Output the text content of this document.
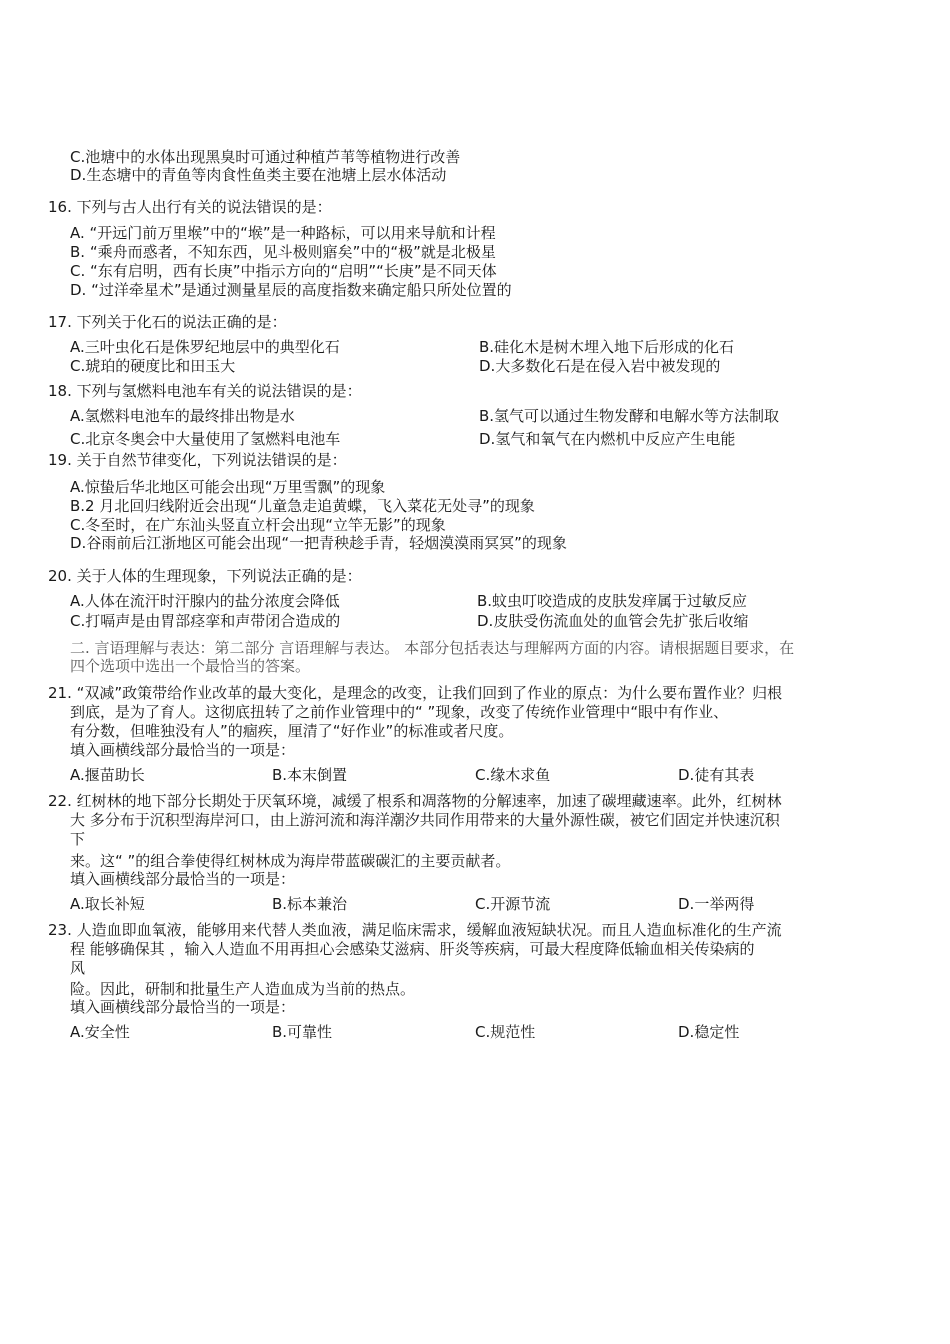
C.池塘中的水体出现黑臭时可通过种植芦苇等植物进行改善
D.生态塘中的青鱼等肉食性鱼类主要在池塘上层水体活动
16. 下列与古人出行有关的说法错误的是：
A. “开远门前万里堠”中的“堠”是一种路标，可以用来导航和计程
B. “乘舟而惑者，不知东西，见斗极则寤矣”中的“极”就是北极星
C. “东有启明，西有长庚”中指示方向的“启明”“长庚”是不同天体
D. “过洋牵星术”是通过测量星辰的高度指数来确定船只所处位置的
17. 下列关于化石的说法正确的是：
A.三叶虫化石是侏罗纪地层中的典型化石	B.硅化木是树木埋入地下后形成的化石
C.琥珀的硬度比和田玉大	D.大多数化石是在侵入岩中被发现的
18. 下列与氢燃料电池车有关的说法错误的是：
A.氢燃料电池车的最终排出物是水	B.氢气可以通过生物发酵和电解水等方法制取
C.北京冬奥会中大量使用了氢燃料电池车	D.氢气和氧气在内燃机中反应产生电能
19. 关于自然节律变化，下列说法错误的是：
A.惊蛰后华北地区可能会出现“万里雪飘”的现象
B.2 月北回归线附近会出现“儿童急走追黄蝶，飞入菜花无处寻”的现象
C.冬至时，在广东汕头竖直立杆会出现“立竿无影”的现象
D.谷雨前后江浙地区可能会出现“一把青秧趁手青，轻烟漠漠雨冥冥”的现象
20. 关于人体的生理现象，下列说法正确的是：
A.人体在流汗时汗腺内的盐分浓度会降低	B.蚊虫叮咬造成的皮肤发痒属于过敏反应
C.打嗝声是由胃部痉挛和声带闭合造成的	D.皮肤受伤流血处的血管会先扩张后收缩
二. 言语理解与表达：第二部分 言语理解与表达。 本部分包括表达与理解两方面的内容。请根据题目要求，在
四个选项中选出一个最恰当的答案。
21. “双减”政策带给作业改革的最大变化，是理念的改变，让我们回到了作业的原点：为什么要布置作业？归根
到底，是为了育人。这彻底扭转了之前作业管理中的“ ”现象，改变了传统作业管理中“眼中有作业、
有分数，但唯独没有人”的痼疾，厘清了“好作业”的标准或者尺度。
填入画横线部分最恰当的一项是：
A.揠苗助长	B.本末倒置	C.缘木求鱼	D.徒有其表
22. 红树林的地下部分长期处于厌氧环境，减缓了根系和凋落物的分解速率，加速了碳埋藏速率。此外，红树林
大 多分布于沉积型海岸河口，由上游河流和海洋潮汐共同作用带来的大量外源性碳，被它们固定并快速沉积
下
来。这“ ”的组合拳使得红树林成为海岸带蓝碳碳汇的主要贡献者。
填入画横线部分最恰当的一项是：
A.取长补短	B.标本兼治	C.开源节流	D.一举两得
23. 人造血即血氧液，能够用来代替人类血液，满足临床需求，缓解血液短缺状况。而且人造血标准化的生产流
程 能够确保其 ，输入人造血不用再担心会感染艾滋病、肝炎等疾病，可最大程度降低输血相关传染病的
风
险。因此，研制和批量生产人造血成为当前的热点。
填入画横线部分最恰当的一项是：
A.安全性	B.可靠性	C.规范性	D.稳定性
